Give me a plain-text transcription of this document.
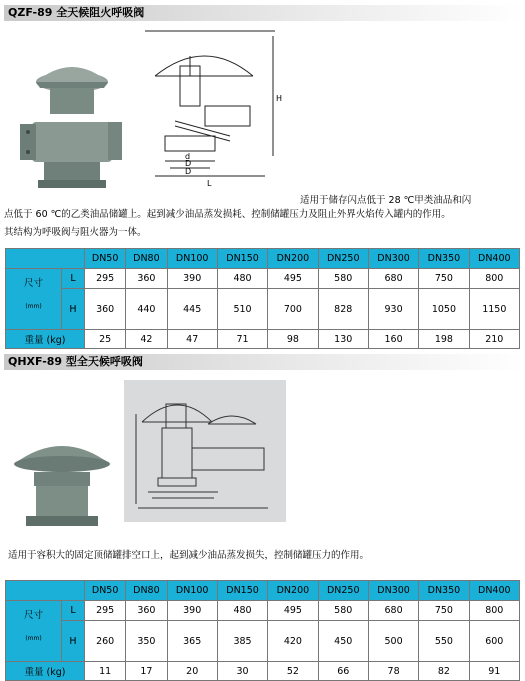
QZF-89 全天候阻火呼吸阀
d
D
D
L
H
适用于储存闪点低于 28 ℃甲类油品和闪
点低于 60 ℃的乙类油品储罐上。起到减少油品蒸发损耗、控制储罐压力及阻止外界火焰传入罐内的作用。
其结构为呼吸阀与阻火器为一体。
		DN50	DN80	DN100	DN150	DN200	DN250	DN300	DN350	DN400

尺寸
(mm)	L	295	360	390	480	495	580	680	750	800
	H	360	440	445	510	700	828	930	1050	1150
重量 (kg)		25	42	47	71	98	130	160	198	210
QHXF-89 型全天候呼吸阀
适用于容积大的固定顶储罐排空口上，起到减少油品蒸发损失，控制储罐压力的作用。
		DN50	DN80	DN100	DN150	DN200	DN250	DN300	DN350	DN400

尺寸
(mm)	L	295	360	390	480	495	580	680	750	800
	H	260	350	365	385	420	450	500	550	600
重量 (kg)		11	17	20	30	52	66	78	82	91
